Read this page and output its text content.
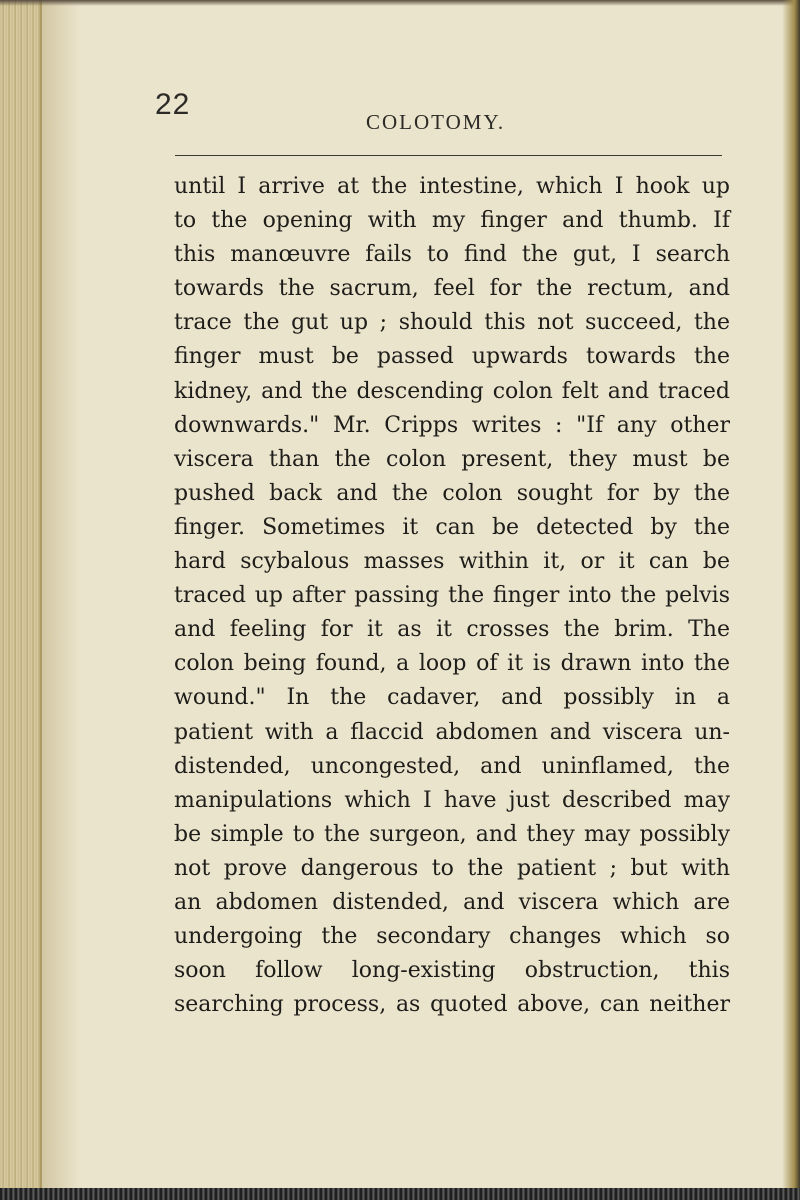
22
COLOTOMY.
until I arrive at the intestine, which I hook up
to the opening with my finger and thumb. If
this manœuvre fails to find the gut, I search
towards the sacrum, feel for the rectum, and
trace the gut up ; should this not succeed, the
finger must be passed upwards towards the
kidney, and the descending colon felt and traced
downwards." Mr. Cripps writes : "If any other
viscera than the colon present, they must be
pushed back and the colon sought for by the
finger. Sometimes it can be detected by the
hard scybalous masses within it, or it can be
traced up after passing the finger into the pelvis
and feeling for it as it crosses the brim. The
colon being found, a loop of it is drawn into the
wound." In the cadaver, and possibly in a
patient with a flaccid abdomen and viscera un-
distended, uncongested, and uninflamed, the
manipulations which I have just described may
be simple to the surgeon, and they may possibly
not prove dangerous to the patient ; but with
an abdomen distended, and viscera which are
undergoing the secondary changes which so
soon follow long-existing obstruction, this
searching process, as quoted above, can neither
